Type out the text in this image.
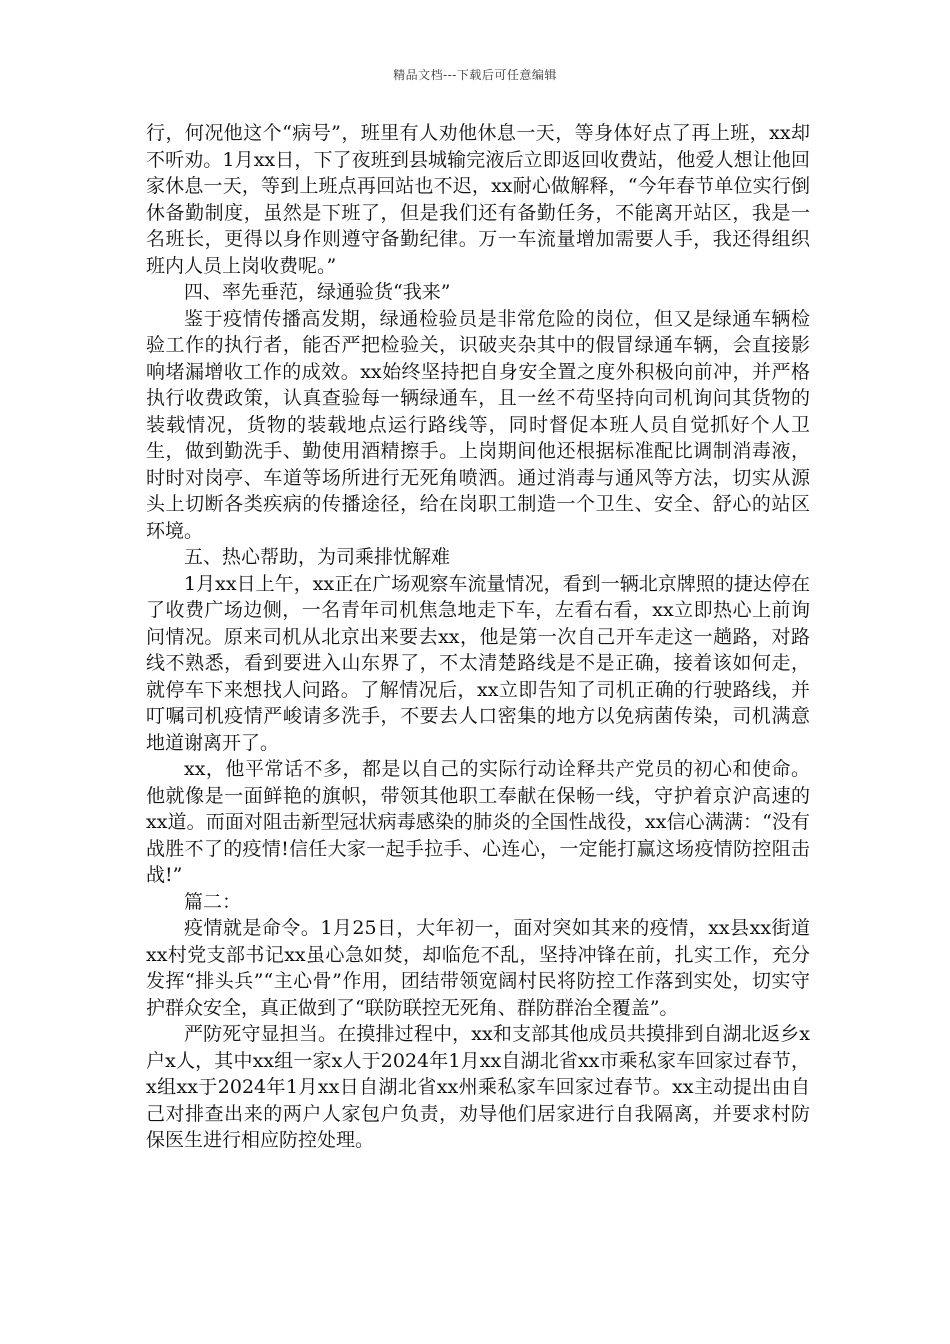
精品文档---下载后可任意编辑

行，何况他这个“病号”，班里有人劝他休息一天，等身体好点了再上班，xx却不听劝。1月xx日，下了夜班到县城输完液后立即返回收费站，他爱人想让他回家休息一天，等到上班点再回站也不迟，xx耐心做解释，“今年春节单位实行倒休备勤制度，虽然是下班了，但是我们还有备勤任务，不能离开站区，我是一名班长，更得以身作则遵守备勤纪律。万一车流量增加需要人手，我还得组织班内人员上岗收费呢。”

四、率先垂范，绿通验货“我来”

鉴于疫情传播高发期，绿通检验员是非常危险的岗位，但又是绿通车辆检验工作的执行者，能否严把检验关，识破夹杂其中的假冒绿通车辆，会直接影响堵漏增收工作的成效。xx始终坚持把自身安全置之度外积极向前冲，并严格执行收费政策，认真查验每一辆绿通车，且一丝不苟坚持向司机询问其货物的装载情况，货物的装载地点运行路线等，同时督促本班人员自觉抓好个人卫生，做到勤洗手、勤使用酒精擦手。上岗期间他还根据标准配比调制消毒液，时时对岗亭、车道等场所进行无死角喷洒。通过消毒与通风等方法，切实从源头上切断各类疾病的传播途径，给在岗职工制造一个卫生、安全、舒心的站区环境。

五、热心帮助，为司乘排忧解难

1月xx日上午，xx正在广场观察车流量情况，看到一辆北京牌照的捷达停在了收费广场边侧，一名青年司机焦急地走下车，左看右看，xx立即热心上前询问情况。原来司机从北京出来要去xx，他是第一次自己开车走这一趟路，对路线不熟悉，看到要进入山东界了，不太清楚路线是不是正确，接着该如何走，就停车下来想找人问路。了解情况后，xx立即告知了司机正确的行驶路线，并叮嘱司机疫情严峻请多洗手，不要去人口密集的地方以免病菌传染，司机满意地道谢离开了。

xx，他平常话不多，都是以自己的实际行动诠释共产党员的初心和使命。他就像是一面鲜艳的旗帜，带领其他职工奉献在保畅一线，守护着京沪高速的xx道。而面对阻击新型冠状病毒感染的肺炎的全国性战役，xx信心满满：“没有战胜不了的疫情!信任大家一起手拉手、心连心，一定能打赢这场疫情防控阻击战!”

篇二：

疫情就是命令。1月25日，大年初一，面对突如其来的疫情，xx县xx街道xx村党支部书记xx虽心急如焚，却临危不乱，坚持冲锋在前，扎实工作，充分发挥“排头兵”“主心骨”作用，团结带领宽阔村民将防控工作落到实处，切实守护群众安全，真正做到了“联防联控无死角、群防群治全覆盖”。

严防死守显担当。在摸排过程中，xx和支部其他成员共摸排到自湖北返乡x户x人，其中xx组一家x人于2024年1月xx自湖北省xx市乘私家车回家过春节，x组xx于2024年1月xx日自湖北省xx州乘私家车回家过春节。xx主动提出由自己对排查出来的两户人家包户负责，劝导他们居家进行自我隔离，并要求村防保医生进行相应防控处理。
